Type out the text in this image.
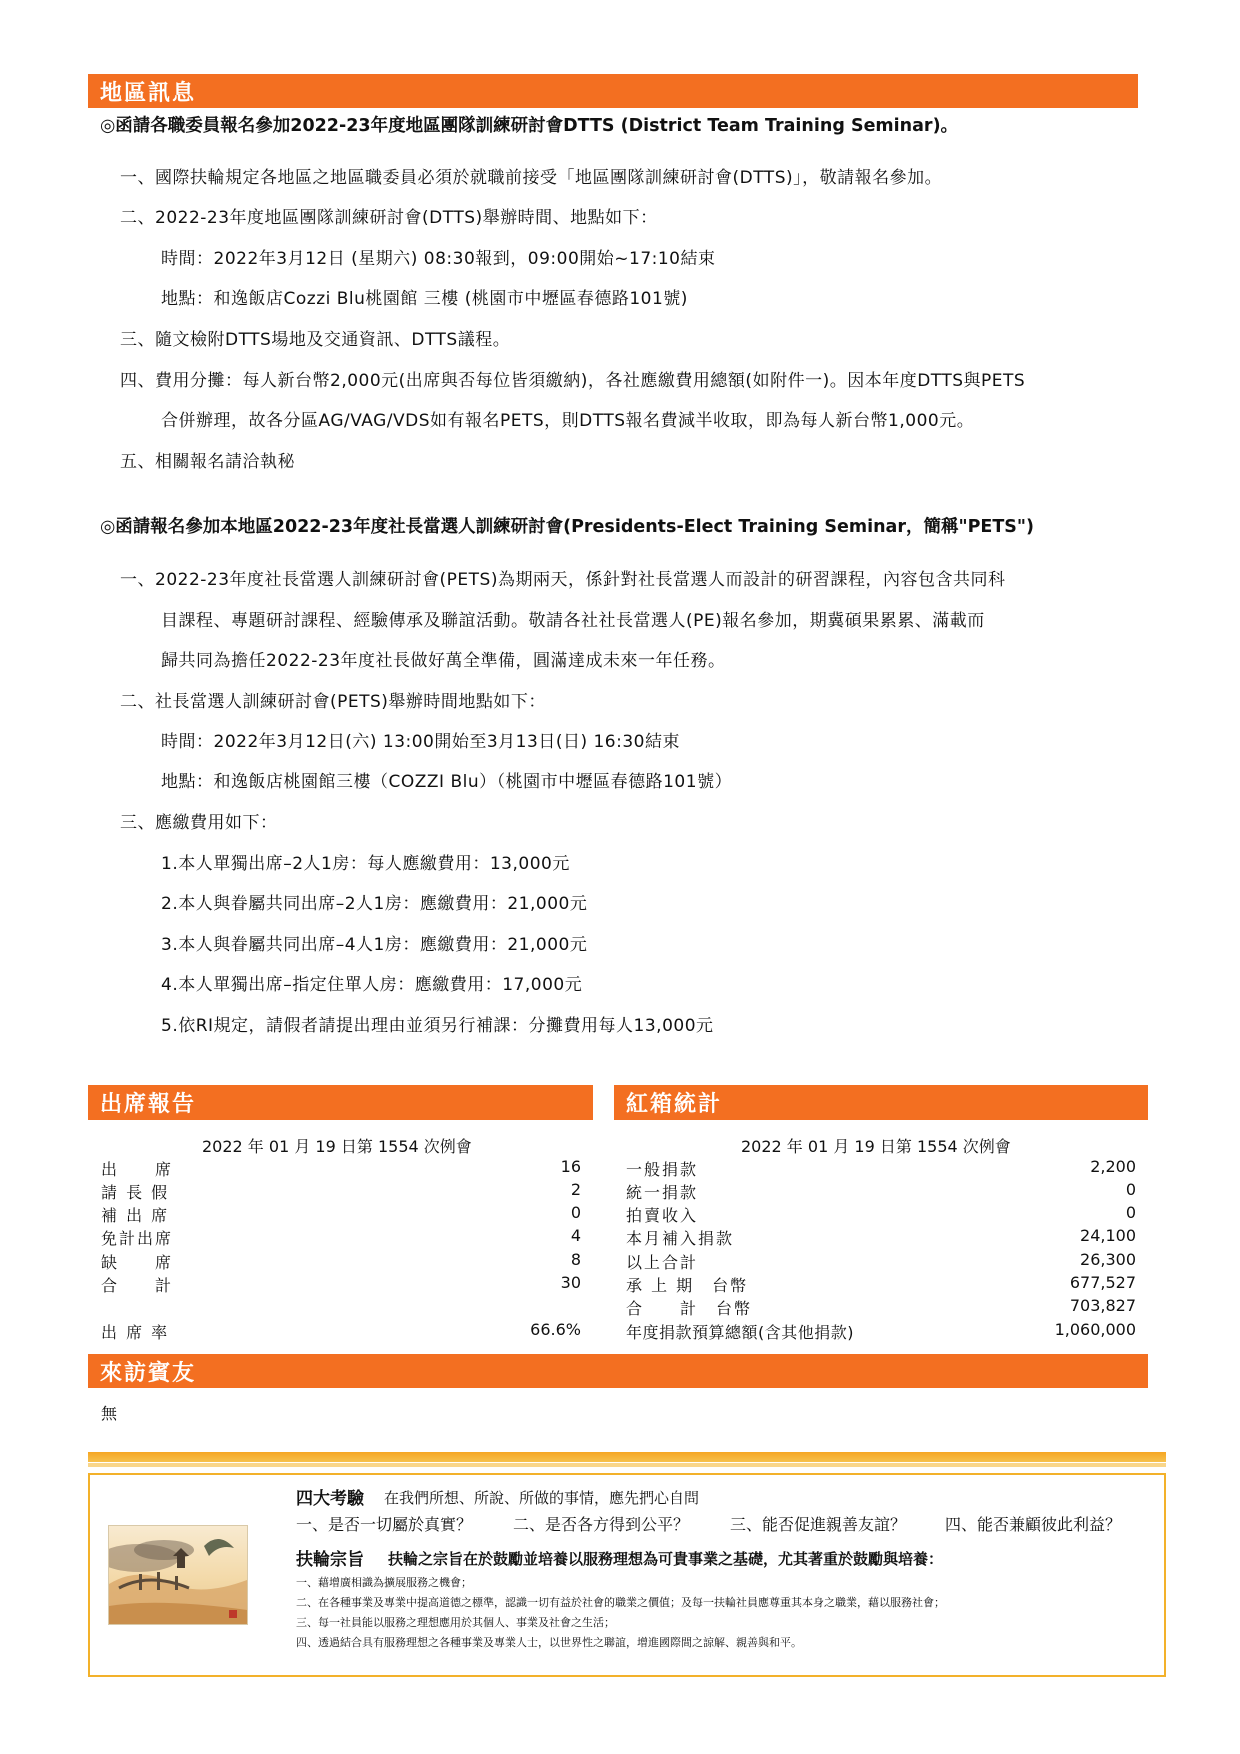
地區訊息
◎函請各職委員報名參加2022-23年度地區團隊訓練研討會DTTS (District Team Training Seminar)。
一、國際扶輪規定各地區之地區職委員必須於就職前接受「地區團隊訓練研討會(DTTS)」，敬請報名參加。
二、2022-23年度地區團隊訓練研討會(DTTS)舉辦時間、地點如下：
時間：2022年3月12日 (星期六) 08:30報到，09:00開始~17:10結束
地點：和逸飯店Cozzi Blu桃園館 三樓 (桃園市中壢區春德路101號)
三、隨文檢附DTTS場地及交通資訊、DTTS議程。
四、費用分攤：每人新台幣2,000元(出席與否每位皆須繳納)，各社應繳費用總額(如附件一)。因本年度DTTS與PETS
合併辦理，故各分區AG/VAG/VDS如有報名PETS，則DTTS報名費減半收取，即為每人新台幣1,000元。
五、相關報名請洽執秘
◎函請報名參加本地區2022-23年度社長當選人訓練研討會(Presidents-Elect Training Seminar，簡稱"PETS")
一、2022-23年度社長當選人訓練研討會(PETS)為期兩天，係針對社長當選人而設計的研習課程，內容包含共同科
目課程、專題研討課程、經驗傳承及聯誼活動。敬請各社社長當選人(PE)報名參加，期冀碩果累累、滿載而
歸共同為擔任2022-23年度社長做好萬全準備，圓滿達成未來一年任務。
二、社長當選人訓練研討會(PETS)舉辦時間地點如下：
時間：2022年3月12日(六) 13:00開始至3月13日(日) 16:30結束
地點：和逸飯店桃園館三樓（COZZI Blu）（桃園市中壢區春德路101號）
三、應繳費用如下：
1.本人單獨出席–2人1房：每人應繳費用：13,000元
2.本人與眷屬共同出席–2人1房：應繳費用：21,000元
3.本人與眷屬共同出席–4人1房：應繳費用：21,000元
4.本人單獨出席–指定住單人房：應繳費用：17,000元
5.依RI規定，請假者請提出理由並須另行補課：分攤費用每人13,000元
出席報告
2022 年 01 月 19 日第 1554 次例會
出　　席	16
請 長 假	2
補 出 席	0
免計出席	4
缺　　席	8
合　　計	30
出 席 率	66.6%
紅箱統計
2022 年 01 月 19 日第 1554 次例會
一般捐款	2,200
統一捐款	0
拍賣收入	0
本月補入捐款	24,100
以上合計	26,300
承 上 期　台幣	677,527
合　　計　台幣	703,827
年度捐款預算總額(含其他捐款)	1,060,000
來訪賓友
無
四大考驗 在我們所想、所說、所做的事情，應先捫心自問
一、是否一切屬於真實？	二、是否各方得到公平？	三、能否促進親善友誼？ 四、能否兼顧彼此利益？
扶輪宗旨 扶輪之宗旨在於鼓勵並培養以服務理想為可貴事業之基礎，尤其著重於鼓勵與培養：
一、藉增廣相識為擴展服務之機會；
二、在各種事業及專業中提高道德之標準，認識一切有益於社會的職業之價值；及每一扶輪社員應尊重其本身之職業，藉以服務社會；
三、每一社員能以服務之理想應用於其個人、事業及社會之生活；
四、透過結合具有服務理想之各種事業及專業人士，以世界性之聯誼，增進國際間之諒解、親善與和平。
